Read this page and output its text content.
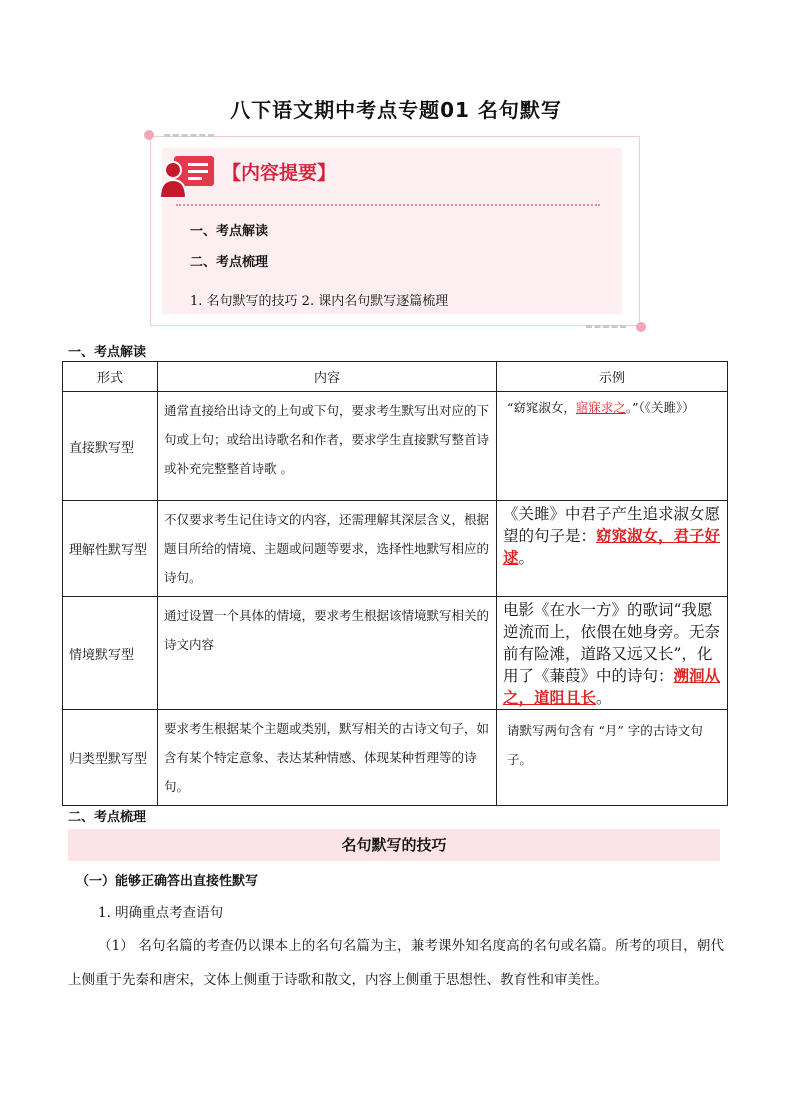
八下语文期中考点专题01 名句默写
【内容提要】
一、考点解读
二、考点梳理
1. 名句默写的技巧 2. 课内名句默写逐篇梳理
一、考点解读
形式	内容	示例
直接默写型	通常直接给出诗文的上句或下句，要求考生默写出对应的下句或上句；或给出诗歌名和作者，要求学生直接默写整首诗或补充完整整首诗歌 。	“窈窕淑女，寤寐求之。”（《关雎》）
理解性默写型	不仅要求考生记住诗文的内容，还需理解其深层含义，根据题目所给的情境、主题或问题等要求，选择性地默写相应的诗句。	《关雎》中君子产生追求淑女愿望的句子是：窈窕淑女，君子好逑。
情境默写型	通过设置一个具体的情境，要求考生根据该情境默写相关的诗文内容	电影《在水一方》的歌词“我愿逆流而上，依偎在她身旁。无奈前有险滩，道路又远又长”，化用了《蒹葭》中的诗句：溯洄从之，道阻且长。
归类型默写型	要求考生根据某个主题或类别，默写相关的古诗文句子，如含有某个特定意象、表达某种情感、体现某种哲理等的诗句。	请默写两句含有 “月” 字的古诗文句子。
二、考点梳理
名句默写的技巧
（一）能够正确答出直接性默写
1. 明确重点考查语句
（1） 名句名篇的考查仍以课本上的名句名篇为主，兼考课外知名度高的名句或名篇。所考的项目，朝代上侧重于先秦和唐宋，文体上侧重于诗歌和散文，内容上侧重于思想性、教育性和审美性。
